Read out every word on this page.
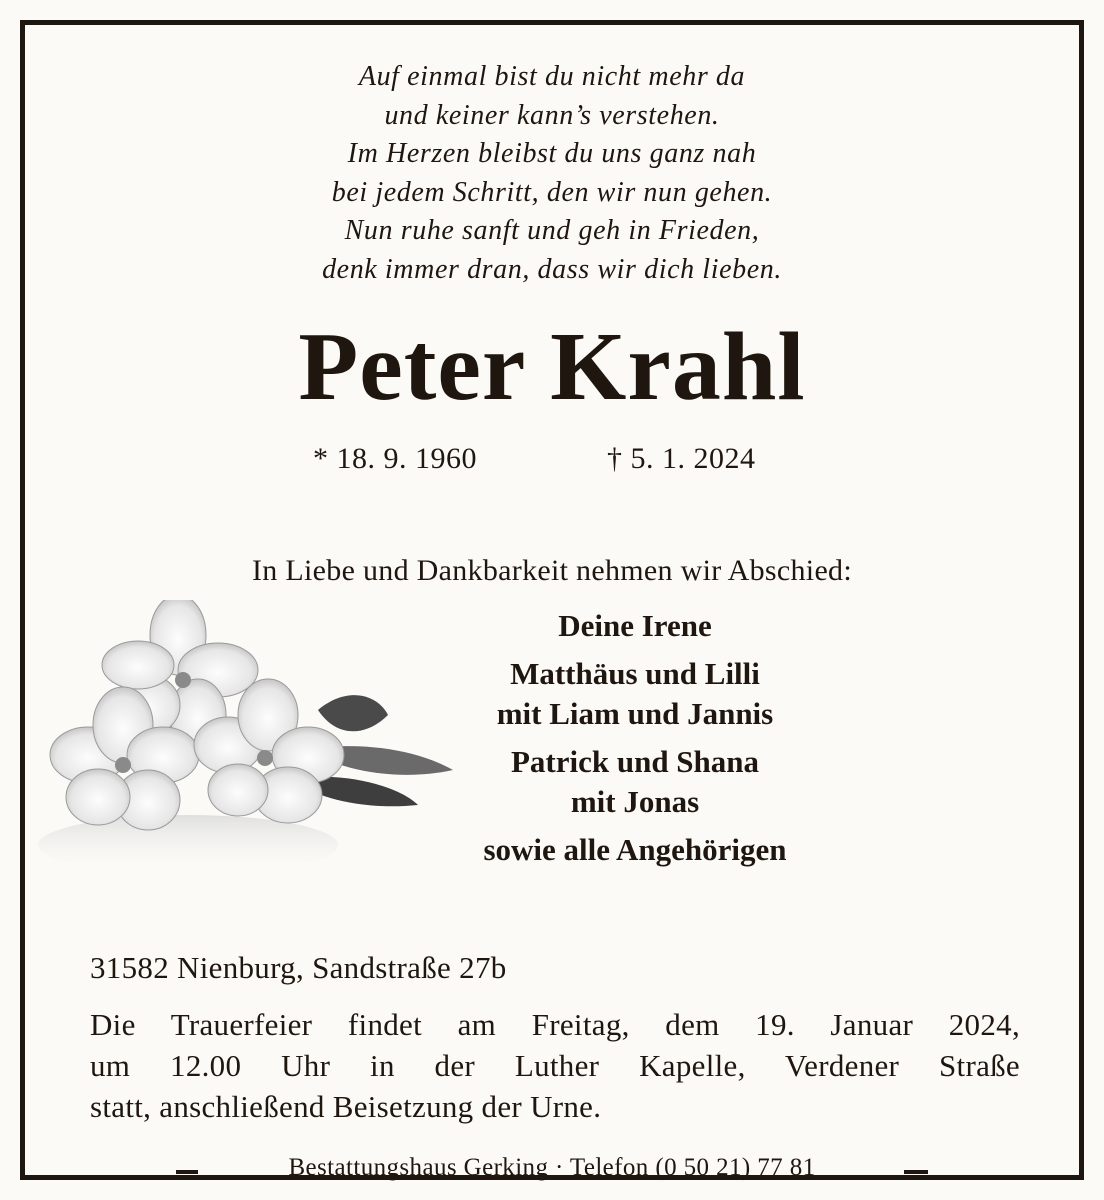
Auf einmal bist du nicht mehr da
und keiner kann’s verstehen.
Im Herzen bleibst du uns ganz nah
bei jedem Schritt, den wir nun gehen.
Nun ruhe sanft und geh in Frieden,
denk immer dran, dass wir dich lieben.
Peter Krahl
* 18. 9. 1960	† 5. 1. 2024
In Liebe und Dankbarkeit nehmen wir Abschied:
Deine Irene
Matthäus und Lilli
mit Liam und Jannis
Patrick und Shana
mit Jonas
sowie alle Angehörigen
31582 Nienburg, Sandstraße 27b
Die Trauerfeier findet am Freitag, dem 19. Januar 2024,
um 12.00 Uhr in der Luther Kapelle, Verdener Straße
statt, anschließend Beisetzung der Urne.
Bestattungshaus Gerking · Telefon (0 50 21) 77 81
